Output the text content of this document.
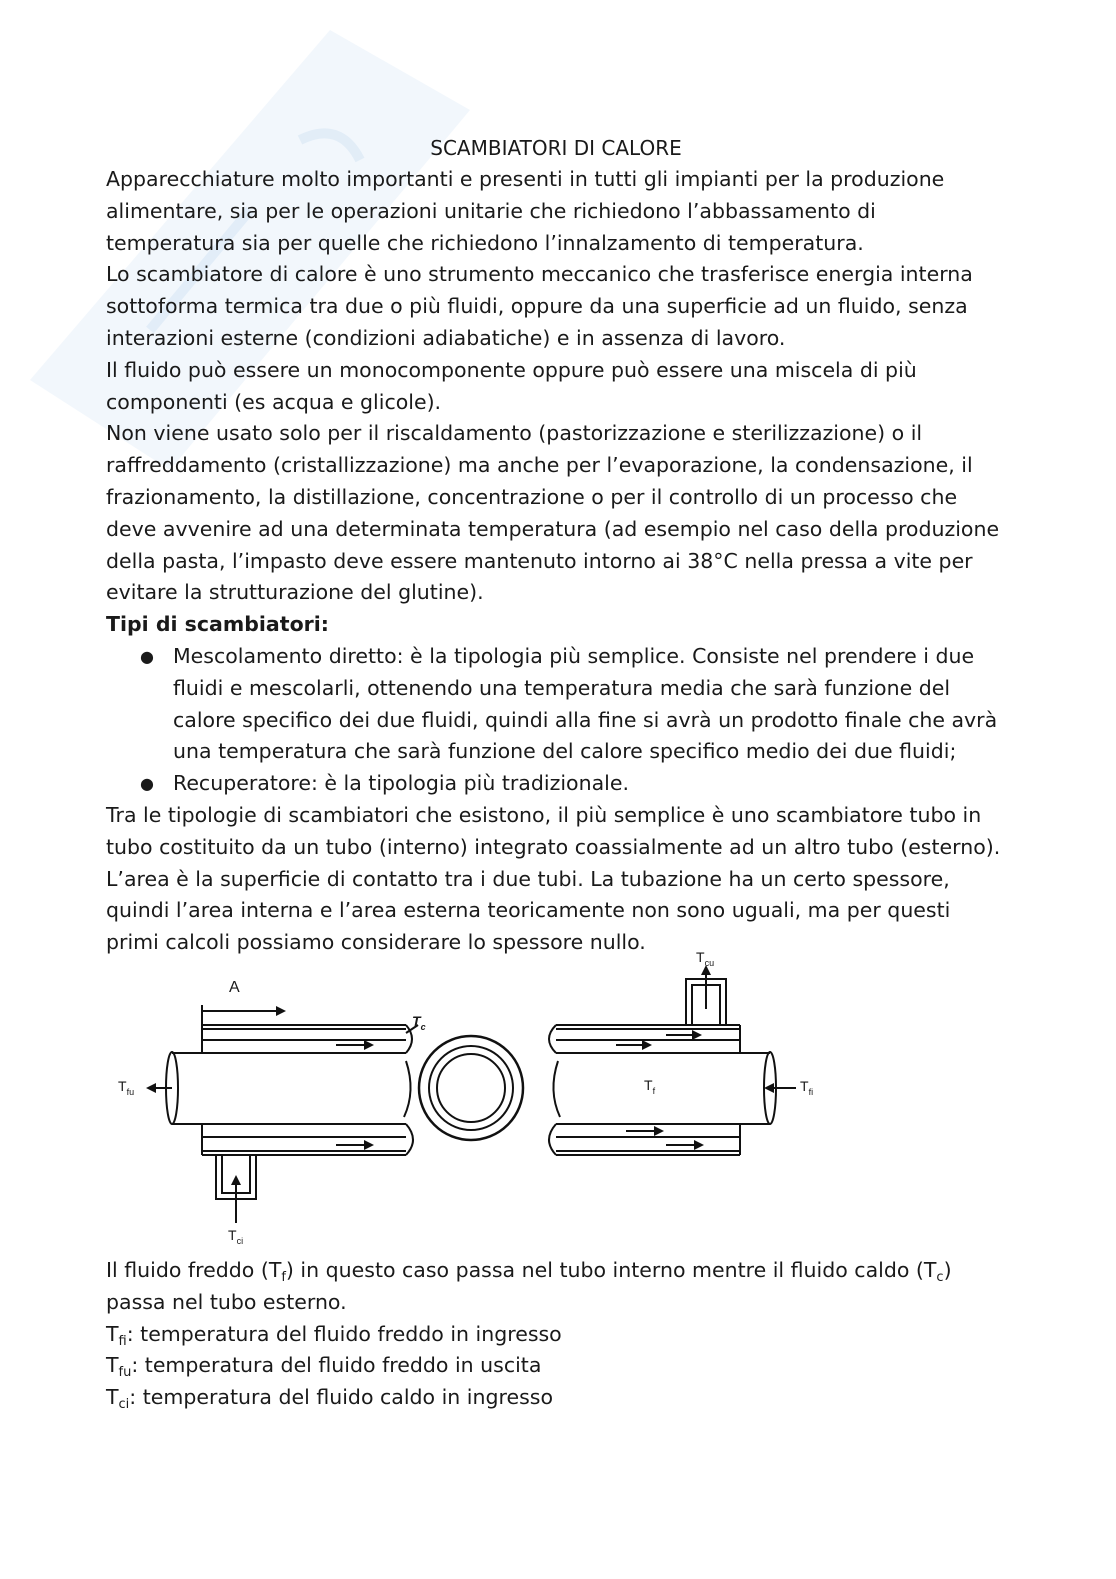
SCAMBIATORI DI CALORE

Apparecchiature molto importanti e presenti in tutti gli impianti per la produzione alimentare, sia per le operazioni unitarie che richiedono l’abbassamento di temperatura sia per quelle che richiedono l’innalzamento di temperatura.

Lo scambiatore di calore è uno strumento meccanico che trasferisce energia interna sottoforma termica tra due o più fluidi, oppure da una superficie ad un fluido, senza interazioni esterne (condizioni adiabatiche) e in assenza di lavoro.

Il fluido può essere un monocomponente oppure può essere una miscela di più componenti (es acqua e glicole).

Non viene usato solo per il riscaldamento (pastorizzazione e sterilizzazione) o il raffreddamento (cristallizzazione) ma anche per l’evaporazione, la condensazione, il frazionamento, la distillazione, concentrazione o per il controllo di un processo che deve avvenire ad una determinata temperatura (ad esempio nel caso della produzione della pasta, l’impasto deve essere mantenuto intorno ai 38°C nella pressa a vite per evitare la strutturazione del glutine).

Tipi di scambiatori:

● Mescolamento diretto: è la tipologia più semplice. Consiste nel prendere i due fluidi e mescolarli, ottenendo una temperatura media che sarà funzione del calore specifico dei due fluidi, quindi alla fine si avrà un prodotto finale che avrà una temperatura che sarà funzione del calore specifico medio dei due fluidi;
● Recuperatore: è la tipologia più tradizionale.

Tra le tipologie di scambiatori che esistono, il più semplice è uno scambiatore tubo in tubo costituito da un tubo (interno) integrato coassialmente ad un altro tubo (esterno). L’area è la superficie di contatto tra i due tubi. La tubazione ha un certo spessore, quindi l’area interna e l’area esterna teoricamente non sono uguali, ma per questi primi calcoli possiamo considerare lo spessore nullo.

A
$T_c$
$T_{fu}$
$T_{ci}$
$T_{cu}$
$T_f$	$T_{fi}$

Il fluido freddo $(T_f)$ in questo caso passa nel tubo interno mentre il fluido caldo $(T_c)$

passa nel tubo esterno.

$T_{fi}$: temperatura del fluido freddo in ingresso

$T_{fu}$: temperatura del fluido freddo in uscita

$T_{ci}$: temperatura del fluido caldo in ingresso
